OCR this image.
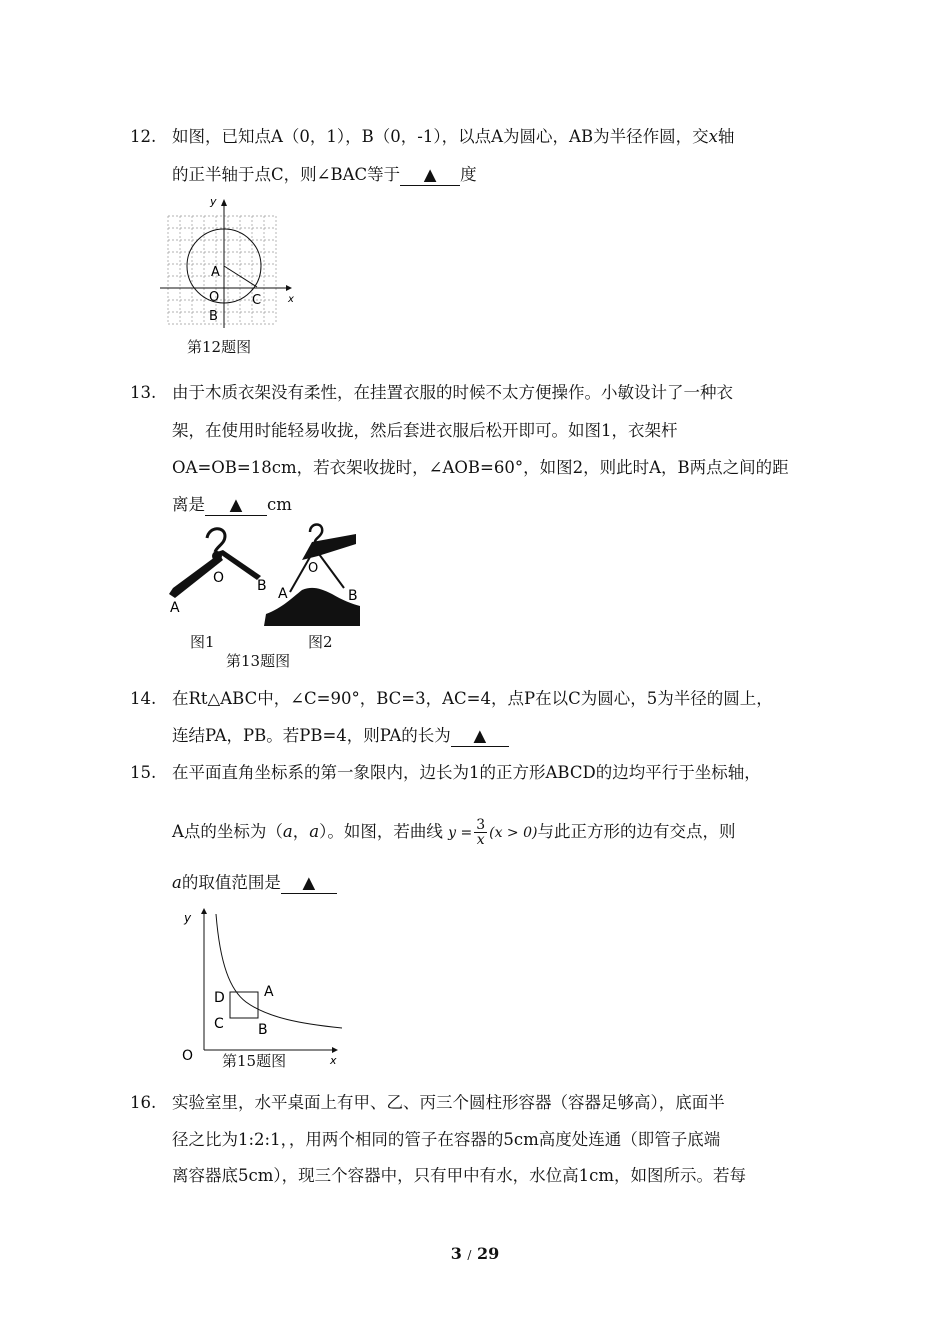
12. 如图，已知点A（0，1），B（0，-1），以点A为圆心，AB为半径作圆，交x轴
的正半轴于点C，则∠BAC等于 ▲ 度
y
x
A
O
B
C
第12题图
13. 由于木质衣架没有柔性，在挂置衣服的时候不太方便操作。小敏设计了一种衣
架，在使用时能轻易收拢，然后套进衣服后松开即可。如图1，衣架杆
OA=OB=18cm，若衣架收拢时，∠AOB=60°，如图2，则此时A，B两点之间的距
离是 ▲ cm
O
A
B
O
A	B
图1	图2
第13题图
14. 在Rt△ABC中，∠C=90°，BC=3，AC=4，点P在以C为圆心，5为半径的圆上，
连结PA，PB。若PB=4，则PA的长为 ▲
15. 在平面直角坐标系的第一象限内，边长为1的正方形ABCD的边均平行于坐标轴，
A点的坐标为（a，a）。如图，若曲线 $y = \frac{3}{x} (x > 0)$与此正方形的边有交点，则
a的取值范围是 ▲
y
x
O
D	A
C B
第15题图
16. 实验室里，水平桌面上有甲、乙、丙三个圆柱形容器（容器足够高），底面半
径之比为1:2:1，，用两个相同的管子在容器的5cm高度处连通（即管子底端
离容器底5cm），现三个容器中，只有甲中有水，水位高1cm，如图所示。若每
3 / 29
